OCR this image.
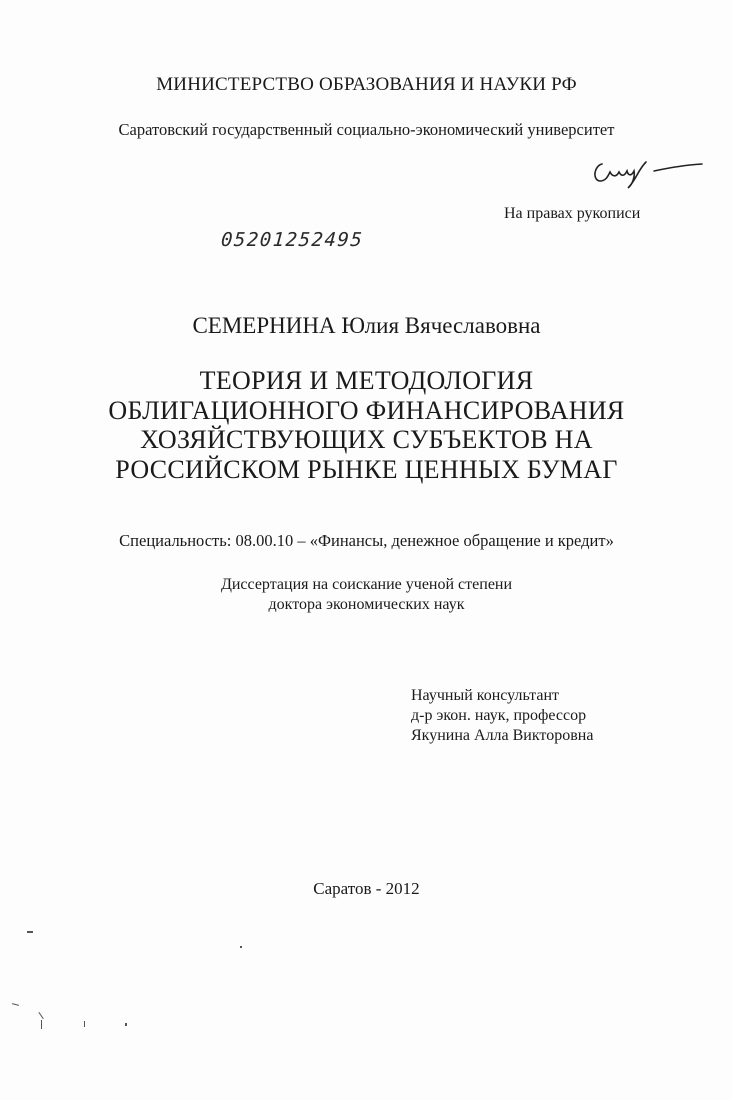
МИНИСТЕРСТВО ОБРАЗОВАНИЯ И НАУКИ РФ
Саратовский государственный социально-экономический университет
На правах рукописи
05201252495
СЕМЕРНИНА Юлия Вячеславовна
ТЕОРИЯ И МЕТОДОЛОГИЯ
ОБЛИГАЦИОННОГО ФИНАНСИРОВАНИЯ
ХОЗЯЙСТВУЮЩИХ СУБЪЕКТОВ НА
РОССИЙСКОМ РЫНКЕ ЦЕННЫХ БУМАГ
Специальность: 08.00.10 – «Финансы, денежное обращение и кредит»
Диссертация на соискание ученой степени
доктора экономических наук
Научный консультант
д-р экон. наук, профессор
Якунина Алла Викторовна
Саратов - 2012
